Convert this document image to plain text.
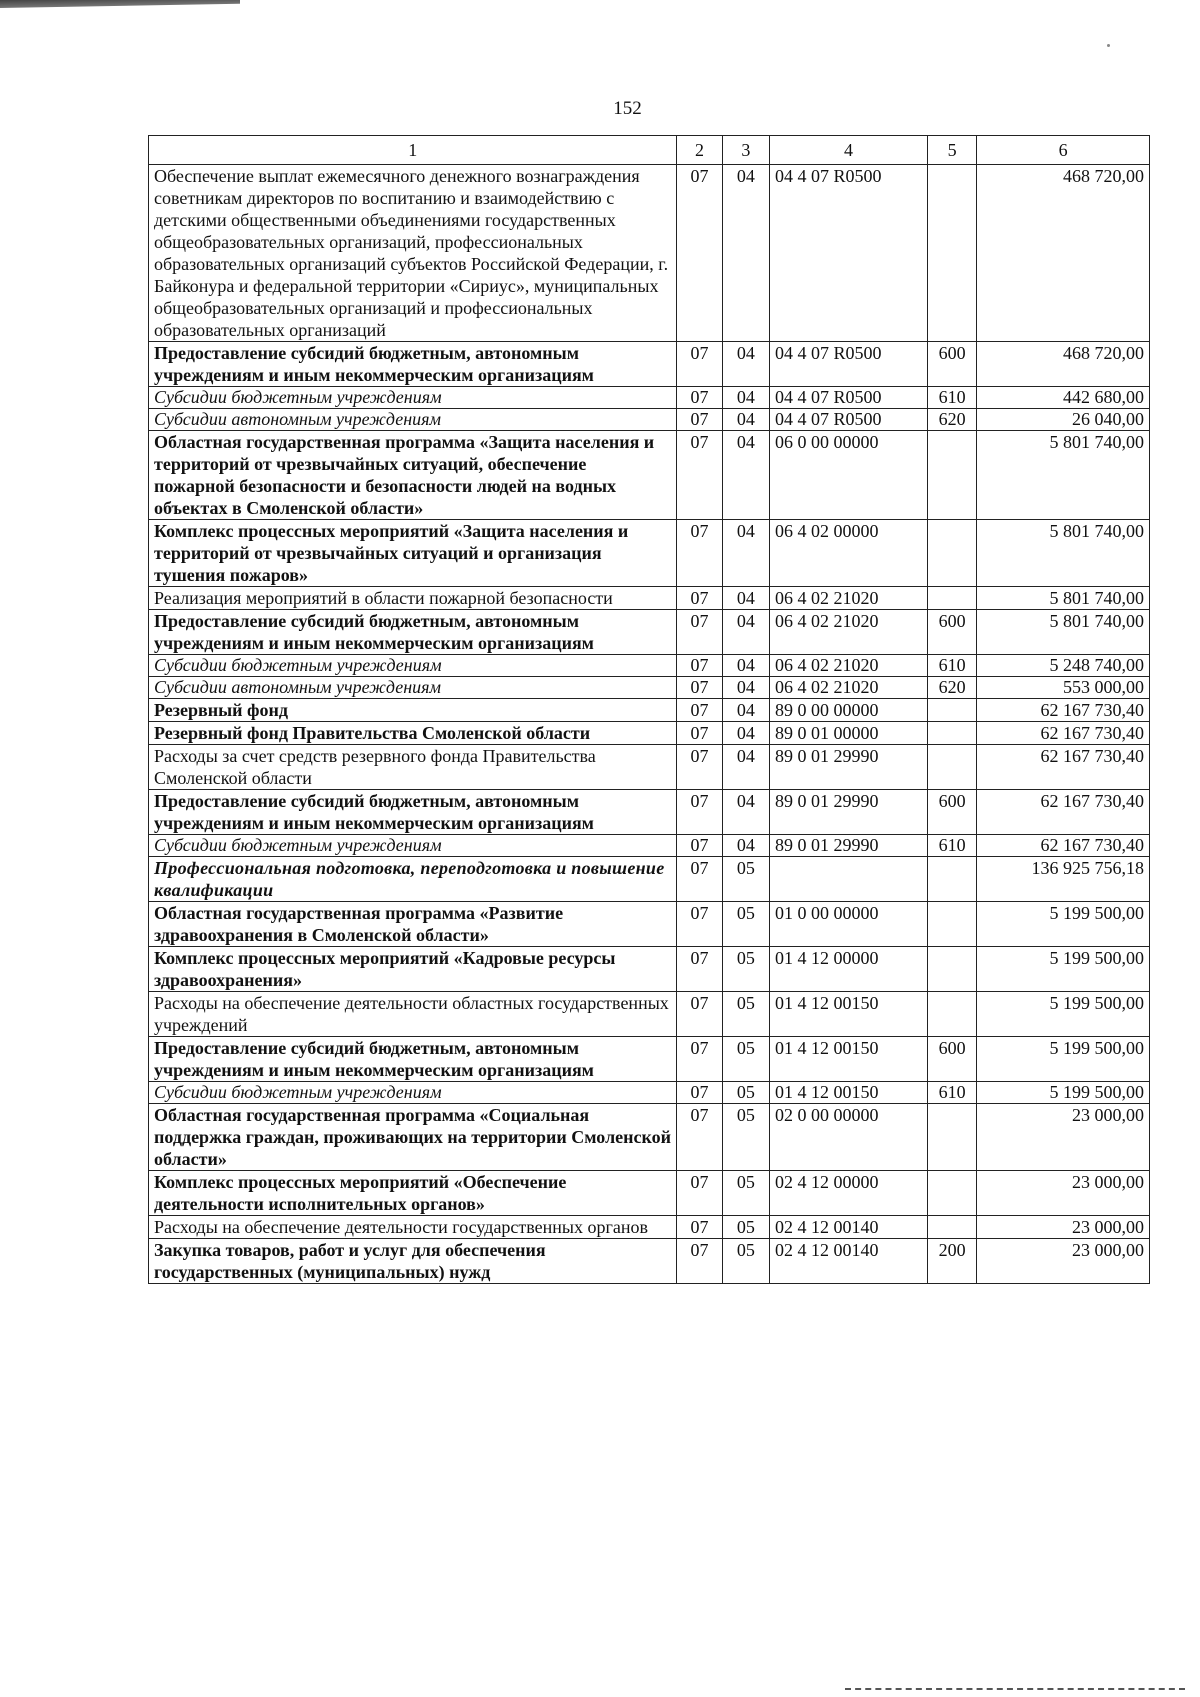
152
1	2	3	4	5	6
Обеспечение выплат ежемесячного денежного вознаграждения советникам директоров по воспитанию и взаимодействию с детскими общественными объединениями государственных общеобразовательных организаций, профессиональных образовательных организаций субъектов Российской Федерации, г. Байконура и федеральной территории «Сириус», муниципальных общеобразовательных организаций и профессиональных образовательных организаций	07	04	04 4 07 R0500		468 720,00
Предоставление субсидий бюджетным, автономным учреждениям и иным некоммерческим организациям	07	04	04 4 07 R0500	600	468 720,00
Субсидии бюджетным учреждениям	07	04	04 4 07 R0500	610	442 680,00
Субсидии автономным учреждениям	07	04	04 4 07 R0500	620	26 040,00
Областная государственная программа «Защита населения и территорий от чрезвычайных ситуаций, обеспечение пожарной безопасности и безопасности людей на водных объектах в Смоленской области»	07	04	06 0 00 00000		5 801 740,00
Комплекс процессных мероприятий «Защита населения и территорий от чрезвычайных ситуаций и организация тушения пожаров»	07	04	06 4 02 00000		5 801 740,00
Реализация мероприятий в области пожарной безопасности	07	04	06 4 02 21020		5 801 740,00
Предоставление субсидий бюджетным, автономным учреждениям и иным некоммерческим организациям	07	04	06 4 02 21020	600	5 801 740,00
Субсидии бюджетным учреждениям	07	04	06 4 02 21020	610	5 248 740,00
Субсидии автономным учреждениям	07	04	06 4 02 21020	620	553 000,00
Резервный фонд	07	04	89 0 00 00000		62 167 730,40
Резервный фонд Правительства Смоленской области	07	04	89 0 01 00000		62 167 730,40
Расходы за счет средств резервного фонда Правительства Смоленской области	07	04	89 0 01 29990		62 167 730,40
Предоставление субсидий бюджетным, автономным учреждениям и иным некоммерческим организациям	07	04	89 0 01 29990	600	62 167 730,40
Субсидии бюджетным учреждениям	07	04	89 0 01 29990	610	62 167 730,40
Профессиональная подготовка, переподготовка и повышение квалификации	07	05			136 925 756,18
Областная государственная программа «Развитие здравоохранения в Смоленской области»	07	05	01 0 00 00000		5 199 500,00
Комплекс процессных мероприятий «Кадровые ресурсы здравоохранения»	07	05	01 4 12 00000		5 199 500,00
Расходы на обеспечение деятельности областных государственных учреждений	07	05	01 4 12 00150		5 199 500,00
Предоставление субсидий бюджетным, автономным учреждениям и иным некоммерческим организациям	07	05	01 4 12 00150	600	5 199 500,00
Субсидии бюджетным учреждениям	07	05	01 4 12 00150	610	5 199 500,00
Областная государственная программа «Социальная поддержка граждан, проживающих на территории Смоленской области»	07	05	02 0 00 00000		23 000,00
Комплекс процессных мероприятий «Обеспечение деятельности исполнительных органов»	07	05	02 4 12 00000		23 000,00
Расходы на обеспечение деятельности государственных органов	07	05	02 4 12 00140		23 000,00
Закупка товаров, работ и услуг для обеспечения государственных (муниципальных) нужд	07	05	02 4 12 00140	200	23 000,00
